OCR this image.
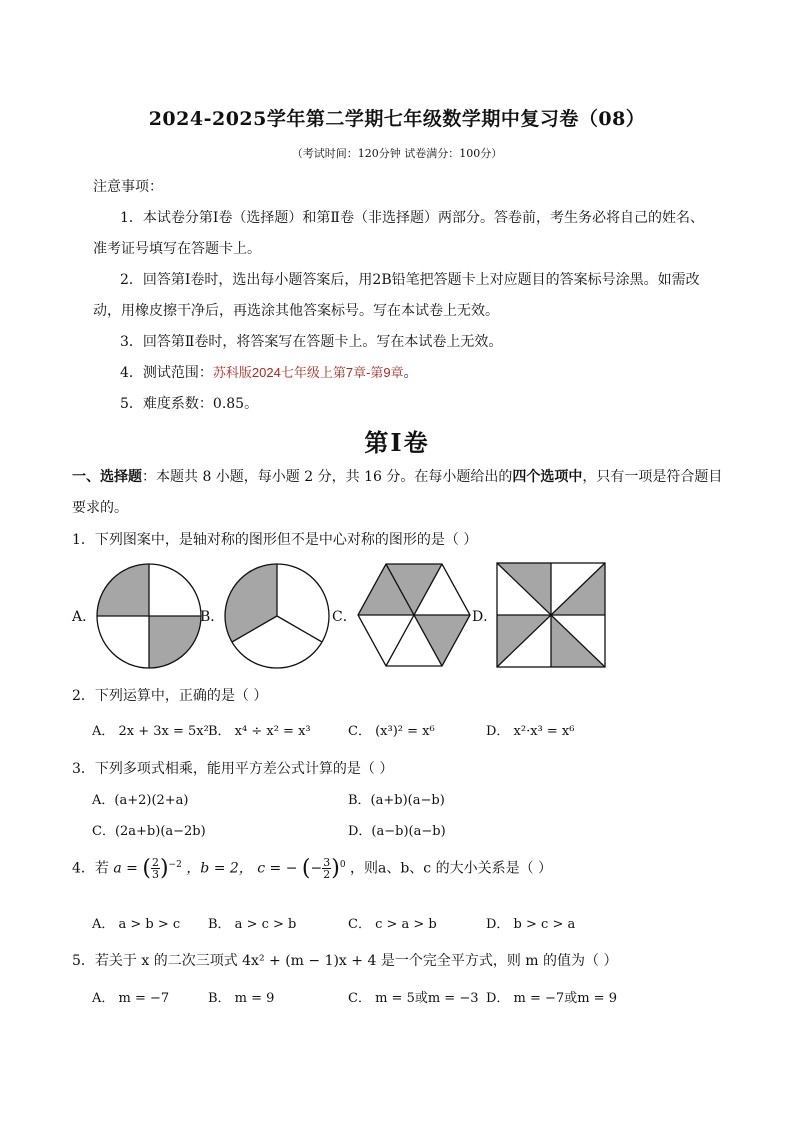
2024-2025学年第二学期七年级数学期中复习卷（08）
（考试时间：120分钟 试卷满分：100分）
注意事项：
1．本试卷分第Ⅰ卷（选择题）和第Ⅱ卷（非选择题）两部分。答卷前，考生务必将自己的姓名、
准考证号填写在答题卡上。
2．回答第Ⅰ卷时，选出每小题答案后，用2B铅笔把答题卡上对应题目的答案标号涂黑。如需改
动，用橡皮擦干净后，再选涂其他答案标号。写在本试卷上无效。
3．回答第Ⅱ卷时，将答案写在答题卡上。写在本试卷上无效。
4．测试范围：苏科版2024七年级上第7章-第9章。
5．难度系数：0.85。
第Ⅰ卷
一、选择题：本题共 8 小题，每小题 2 分，共 16 分。在每小题给出的四个选项中，只有一项是符合题目
要求的。
1．下列图案中，是轴对称的图形但不是中心对称的图形的是（ ）
A．	B．	C．	D．
2．下列运算中，正确的是（ ）
A． 2x + 3x = 5x² B． x⁴ ÷ x² = x³	C． (x³)² = x⁶	D． x²·x³ = x⁶
3．下列多项式相乘，能用平方差公式计算的是（ ）
A．(a+2)(2+a)	B．(a+b)(a−b)
C．(2a+b)(a−2b)	D．(a−b)(a−b)
4．若 a = ( $\frac{2}{3} )^{-2}$ ，b = 2， c = − (− $\frac{3}{2} )^0$ ，则a、b、c 的大小关系是（ ）
A． a > b > c B． a > c > b	C． c > a > b	D． b > c > a
5．若关于 x 的二次三项式 4x² + (m − 1)x + 4 是一个完全平方式，则 m 的值为（ ）
A． m = −7	B． m = 9	C． m = 5或m = −3 D． m = −7或m = 9
